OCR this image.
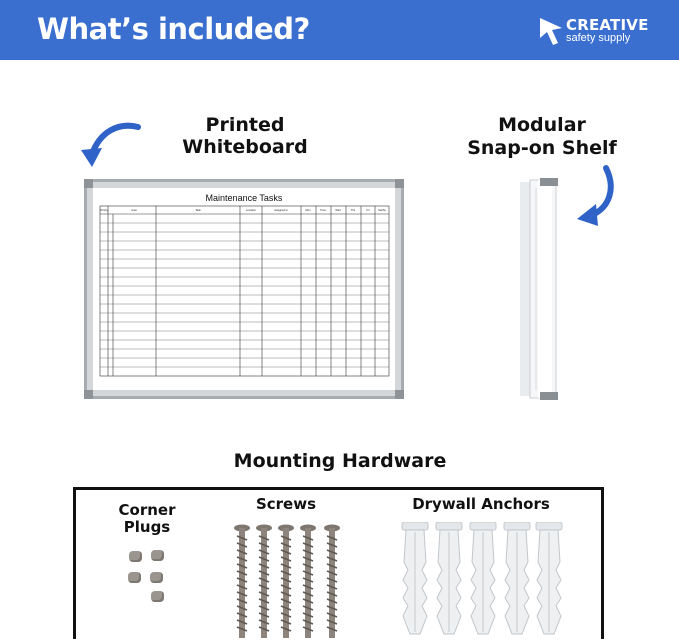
What’s included?	CREATIVE
safety supply
Printed Whiteboard
Maintenance Tasks
Priority	Area	Task	Location	Assigned to	Mon	Tues	Wed	Thu	Fri	Sat/Su
Modular
Snap-on Shelf
Mounting Hardware
Corner
Plugs
Screws	Drywall Anchors
